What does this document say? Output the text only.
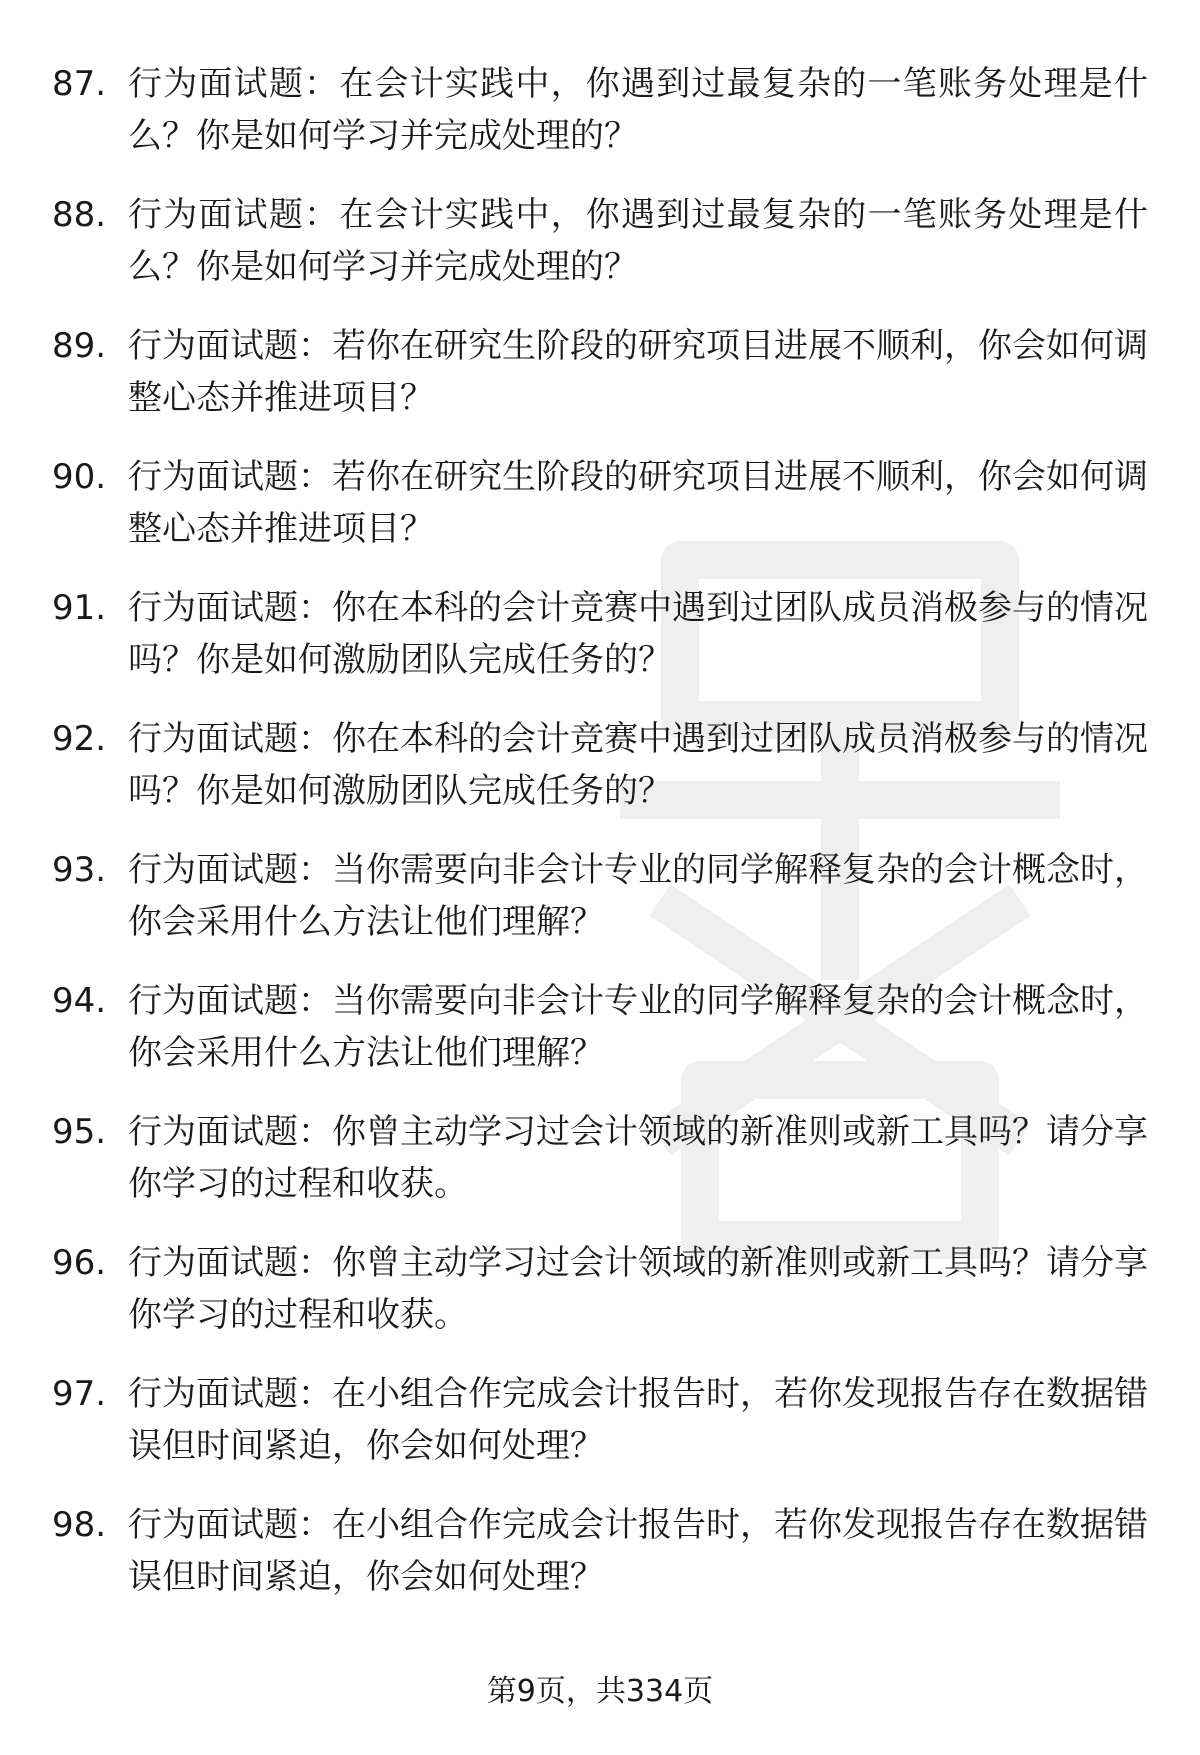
87. 行为面试题：在会计实践中，你遇到过最复杂的一笔账务处理是什么？你是如何学习并完成处理的？
88. 行为面试题：在会计实践中，你遇到过最复杂的一笔账务处理是什么？你是如何学习并完成处理的？
89. 行为面试题：若你在研究生阶段的研究项目进展不顺利，你会如何调整心态并推进项目？
90. 行为面试题：若你在研究生阶段的研究项目进展不顺利，你会如何调整心态并推进项目？
91. 行为面试题：你在本科的会计竞赛中遇到过团队成员消极参与的情况吗？你是如何激励团队完成任务的？
92. 行为面试题：你在本科的会计竞赛中遇到过团队成员消极参与的情况吗？你是如何激励团队完成任务的？
93. 行为面试题：当你需要向非会计专业的同学解释复杂的会计概念时，你会采用什么方法让他们理解？
94. 行为面试题：当你需要向非会计专业的同学解释复杂的会计概念时，你会采用什么方法让他们理解？
95. 行为面试题：你曾主动学习过会计领域的新准则或新工具吗？请分享你学习的过程和收获。
96. 行为面试题：你曾主动学习过会计领域的新准则或新工具吗？请分享你学习的过程和收获。
97. 行为面试题：在小组合作完成会计报告时，若你发现报告存在数据错误但时间紧迫，你会如何处理？
98. 行为面试题：在小组合作完成会计报告时，若你发现报告存在数据错误但时间紧迫，你会如何处理？
第9页，共334页
